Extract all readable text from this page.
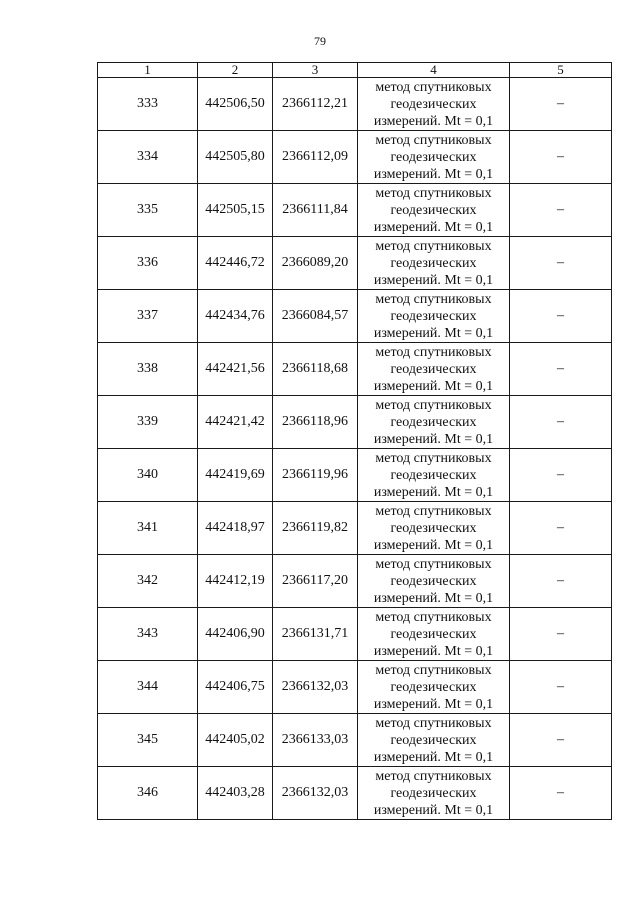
79
1	2	3	4	5
333	442506,50	2366112,21	метод спутниковых
геодезических
измерений. Mt = 0,1	–
334	442505,80	2366112,09	метод спутниковых
геодезических
измерений. Mt = 0,1	–
335	442505,15	2366111,84	метод спутниковых
геодезических
измерений. Mt = 0,1	–
336	442446,72	2366089,20	метод спутниковых
геодезических
измерений. Mt = 0,1	–
337	442434,76	2366084,57	метод спутниковых
геодезических
измерений. Mt = 0,1	–
338	442421,56	2366118,68	метод спутниковых
геодезических
измерений. Mt = 0,1	–
339	442421,42	2366118,96	метод спутниковых
геодезических
измерений. Mt = 0,1	–
340	442419,69	2366119,96	метод спутниковых
геодезических
измерений. Mt = 0,1	–
341	442418,97	2366119,82	метод спутниковых
геодезических
измерений. Mt = 0,1	–
342	442412,19	2366117,20	метод спутниковых
геодезических
измерений. Mt = 0,1	–
343	442406,90	2366131,71	метод спутниковых
геодезических
измерений. Mt = 0,1	–
344	442406,75	2366132,03	метод спутниковых
геодезических
измерений. Mt = 0,1	–
345	442405,02	2366133,03	метод спутниковых
геодезических
измерений. Mt = 0,1	–
346	442403,28	2366132,03	метод спутниковых
геодезических
измерений. Mt = 0,1	–
